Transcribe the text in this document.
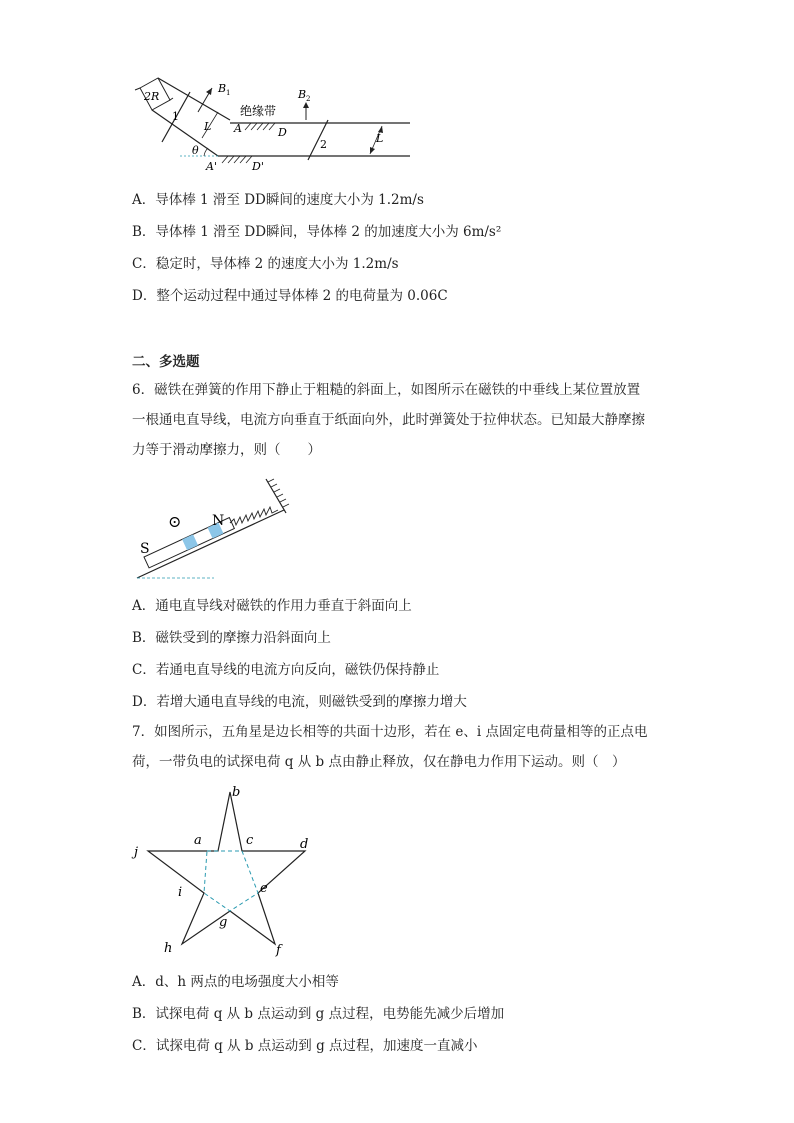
2R
1
B 1
L
绝缘带
A	D
A'	D'
θ
B 2
2	L
A．导体棒 1 滑至 DD瞬间的速度大小为 1.2m/s
B．导体棒 1 滑至 DD瞬间，导体棒 2 的加速度大小为 6m/s²
C．稳定时，导体棒 2 的速度大小为 1.2m/s
D．整个运动过程中通过导体棒 2 的电荷量为 0.06C
二、多选题
6．磁铁在弹簧的作用下静止于粗糙的斜面上，如图所示在磁铁的中垂线上某位置放置
一根通电直导线，电流方向垂直于纸面向外，此时弹簧处于拉伸状态。已知最大静摩擦
力等于滑动摩擦力，则（　　）
S
N
⊙
A．通电直导线对磁铁的作用力垂直于斜面向上
B．磁铁受到的摩擦力沿斜面向上
C．若通电直导线的电流方向反向，磁铁仍保持静止
D．若增大通电直导线的电流，则磁铁受到的摩擦力增大
7．如图所示，五角星是边长相等的共面十边形，若在 e、i 点固定电荷量相等的正点电
荷，一带负电的试探电荷 q 从 b 点由静止释放，仅在静电力作用下运动。则（　）
b
a	c
j
d
i	e
g
h	f
A．d、h 两点的电场强度大小相等
B．试探电荷 q 从 b 点运动到 g 点过程，电势能先减少后增加
C．试探电荷 q 从 b 点运动到 g 点过程，加速度一直减小
